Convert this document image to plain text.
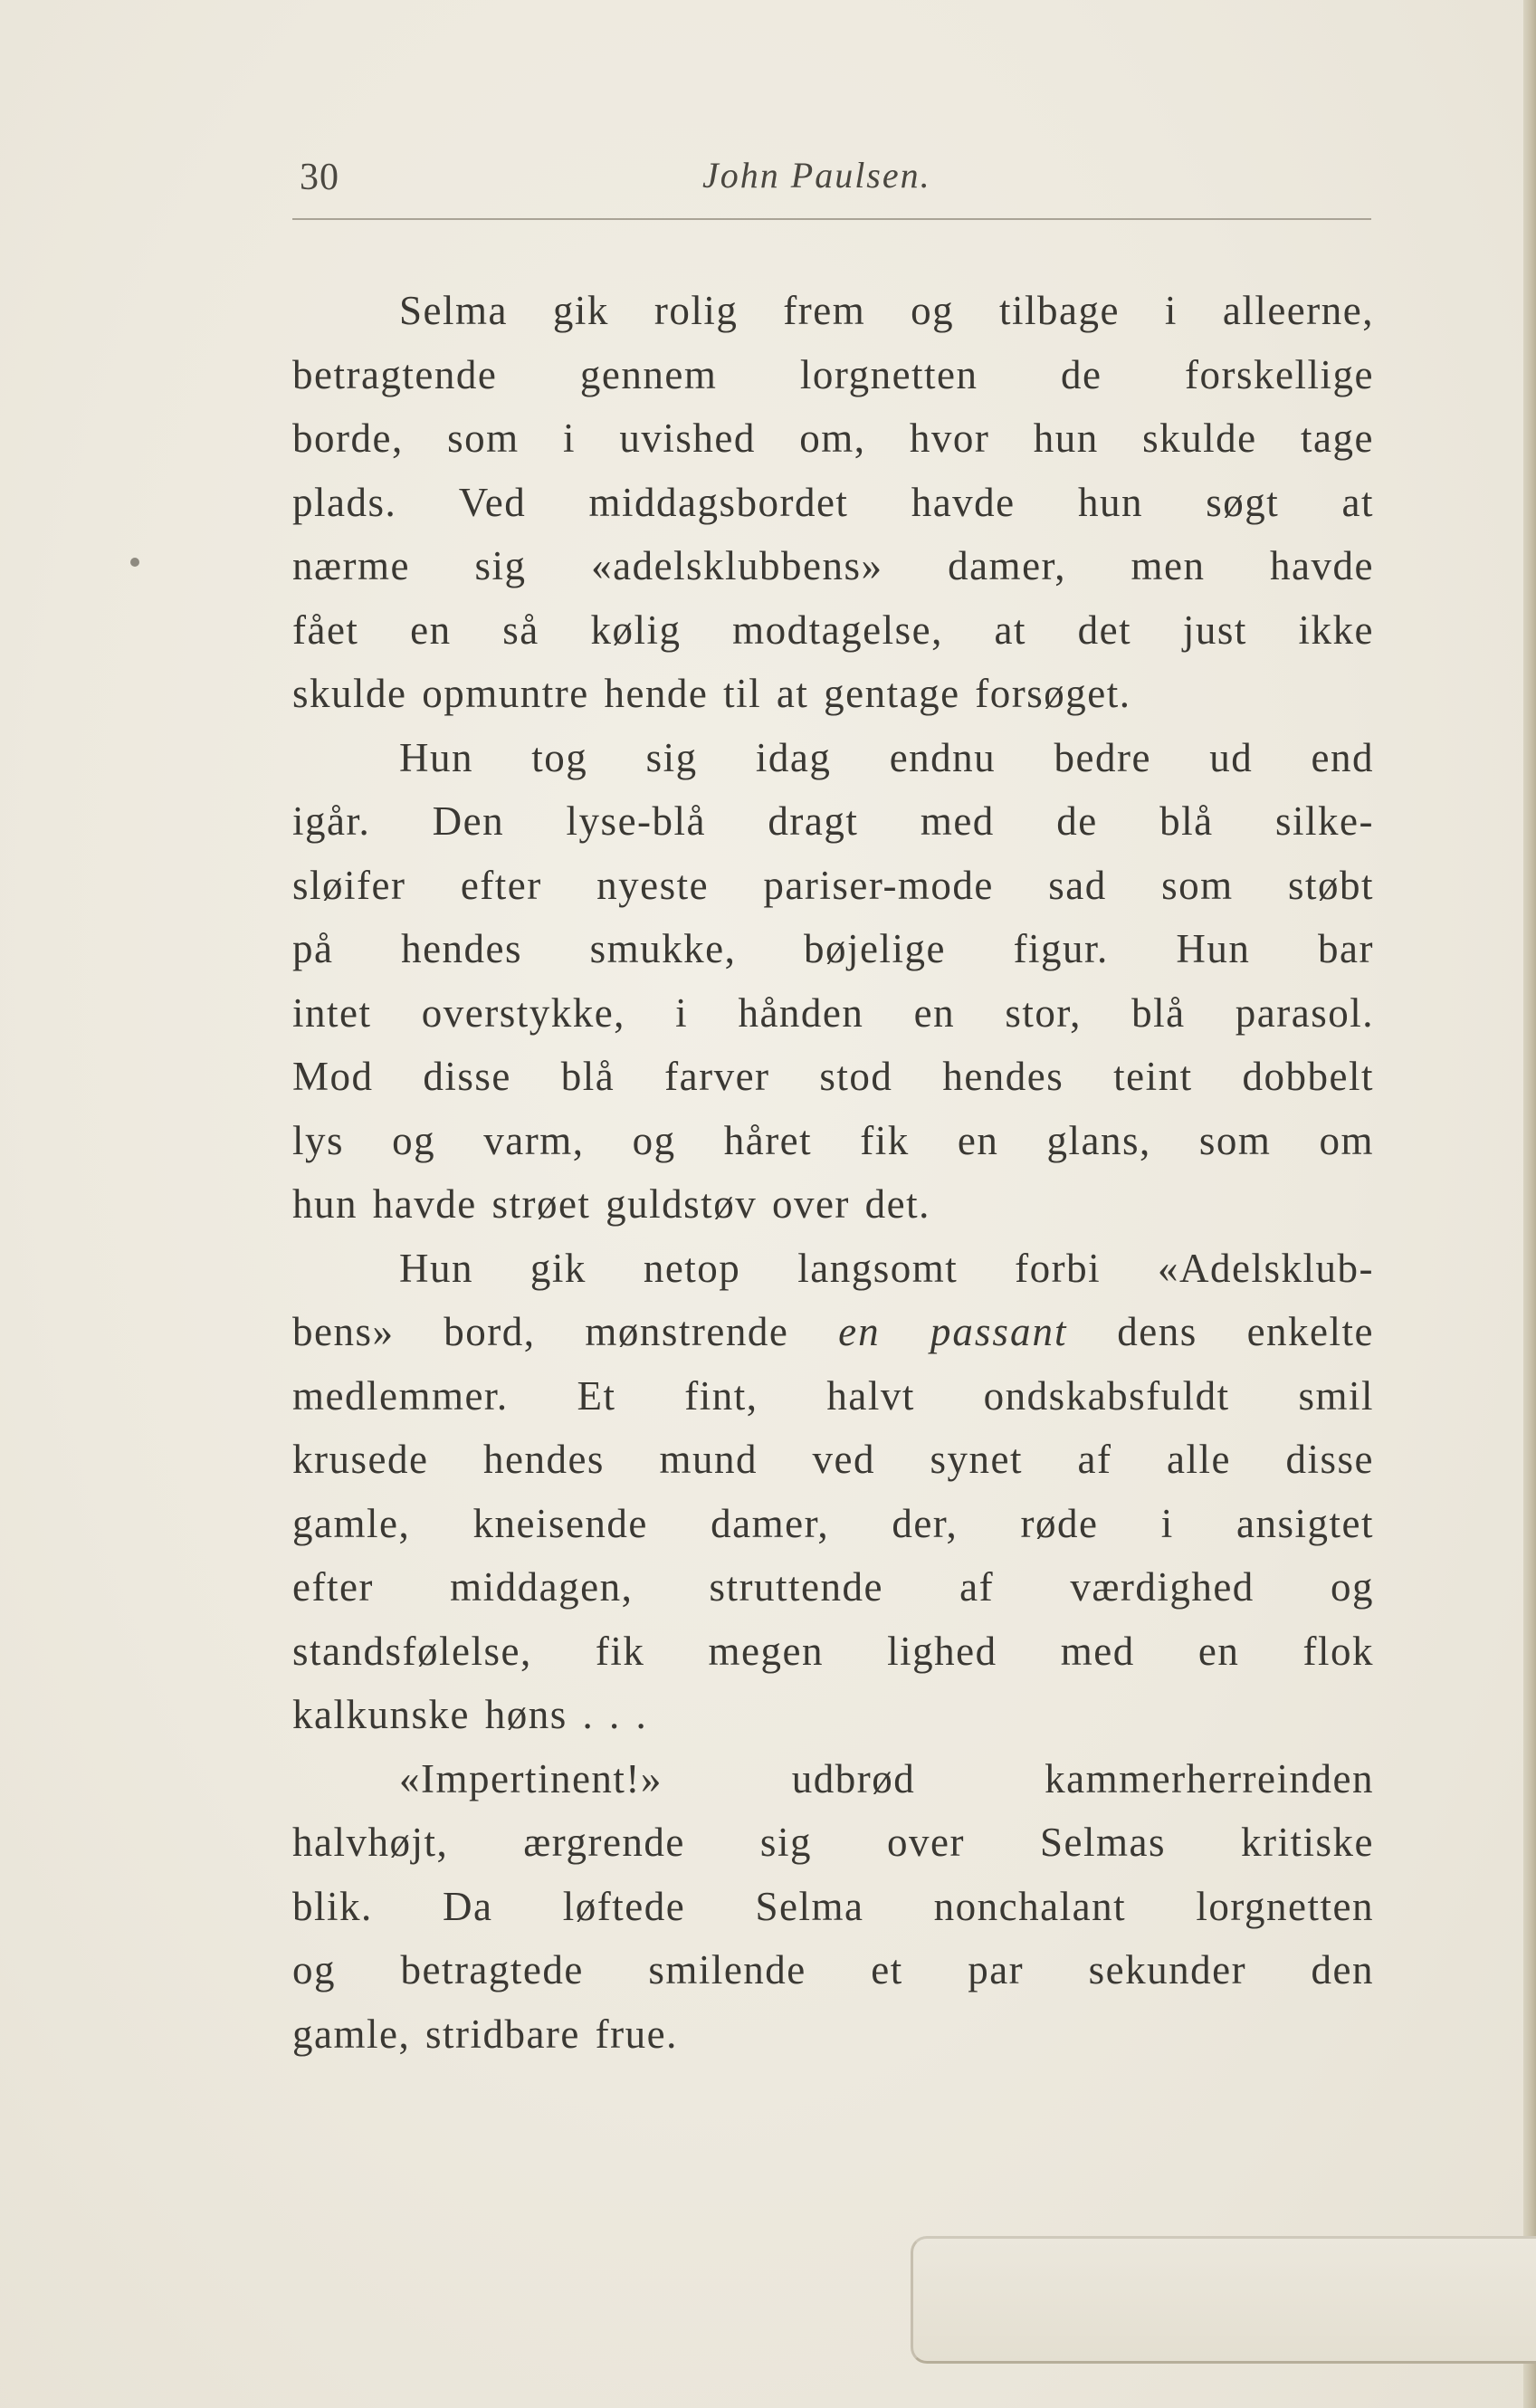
30	John Paulsen.
Selma gik rolig frem og tilbage i alleerne,
betragtende gennem lorgnetten de forskellige
borde, som i uvished om, hvor hun skulde tage
plads. Ved middagsbordet havde hun søgt at
nærme sig «adelsklubbens» damer, men havde
fået en så kølig modtagelse, at det just ikke
skulde opmuntre hende til at gentage forsøget.
Hun tog sig idag endnu bedre ud end
igår. Den lyse-blå dragt med de blå silke-
sløifer efter nyeste pariser-mode sad som støbt
på hendes smukke, bøjelige figur. Hun bar
intet overstykke, i hånden en stor, blå parasol.
Mod disse blå farver stod hendes teint dobbelt
lys og varm, og håret fik en glans, som om
hun havde strøet guldstøv over det.
Hun gik netop langsomt forbi «Adelsklub-
bens» bord, mønstrende en passant dens enkelte
medlemmer. Et fint, halvt ondskabsfuldt smil
krusede hendes mund ved synet af alle disse
gamle, kneisende damer, der, røde i ansigtet
efter middagen, struttende af værdighed og
standsfølelse, fik megen lighed med en flok
kalkunske høns . . .
«Impertinent!» udbrød kammerherreinden
halvhøjt, ærgrende sig over Selmas kritiske
blik. Da løftede Selma nonchalant lorgnetten
og betragtede smilende et par sekunder den
gamle, stridbare frue.
